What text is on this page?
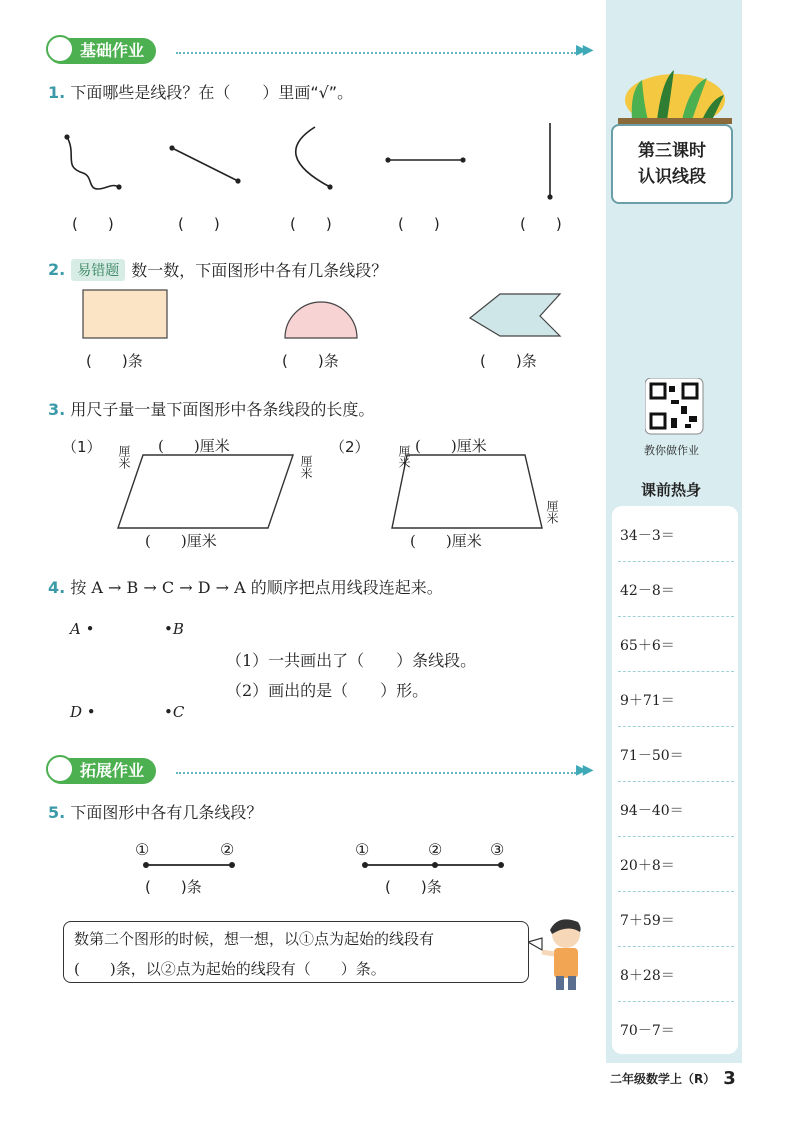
第三课时
认识线段
教你做作业
课前热身
34－3＝
42－8＝
65＋6＝
9＋71＝
71－50＝
94－40＝
20＋8＝
7＋59＝
8＋28＝
70－7＝
基础作业	▶▶
1. 下面哪些是线段？在（　　）里画“√”。
(　　)	(　　)	(　　)	(　　)	(　　)
2. 易错题 数一数，下面图形中各有几条线段？
(　　)条	(　　)条	(　　)条
3. 用尺子量一量下面图形中各条线段的长度。
（1）	（2）
(　　)厘米
(　　)厘米
(　　)厘米
(　　)厘米
厘米	厘米	厘米
厘米
4. 按 A → B → C → D → A 的顺序把点用线段连起来。
A •	•B
•C
D •
（1）一共画出了（　　）条线段。
（2）画出的是（　　）形。
拓展作业	▶▶
5. 下面图形中各有几条线段？
①	②	①	②	③
(　　)条	(　　)条
数第二个图形的时候，想一想，以①点为起始的线段有
(　　)条，以②点为起始的线段有（　　）条。
二年级数学上（R） 3
